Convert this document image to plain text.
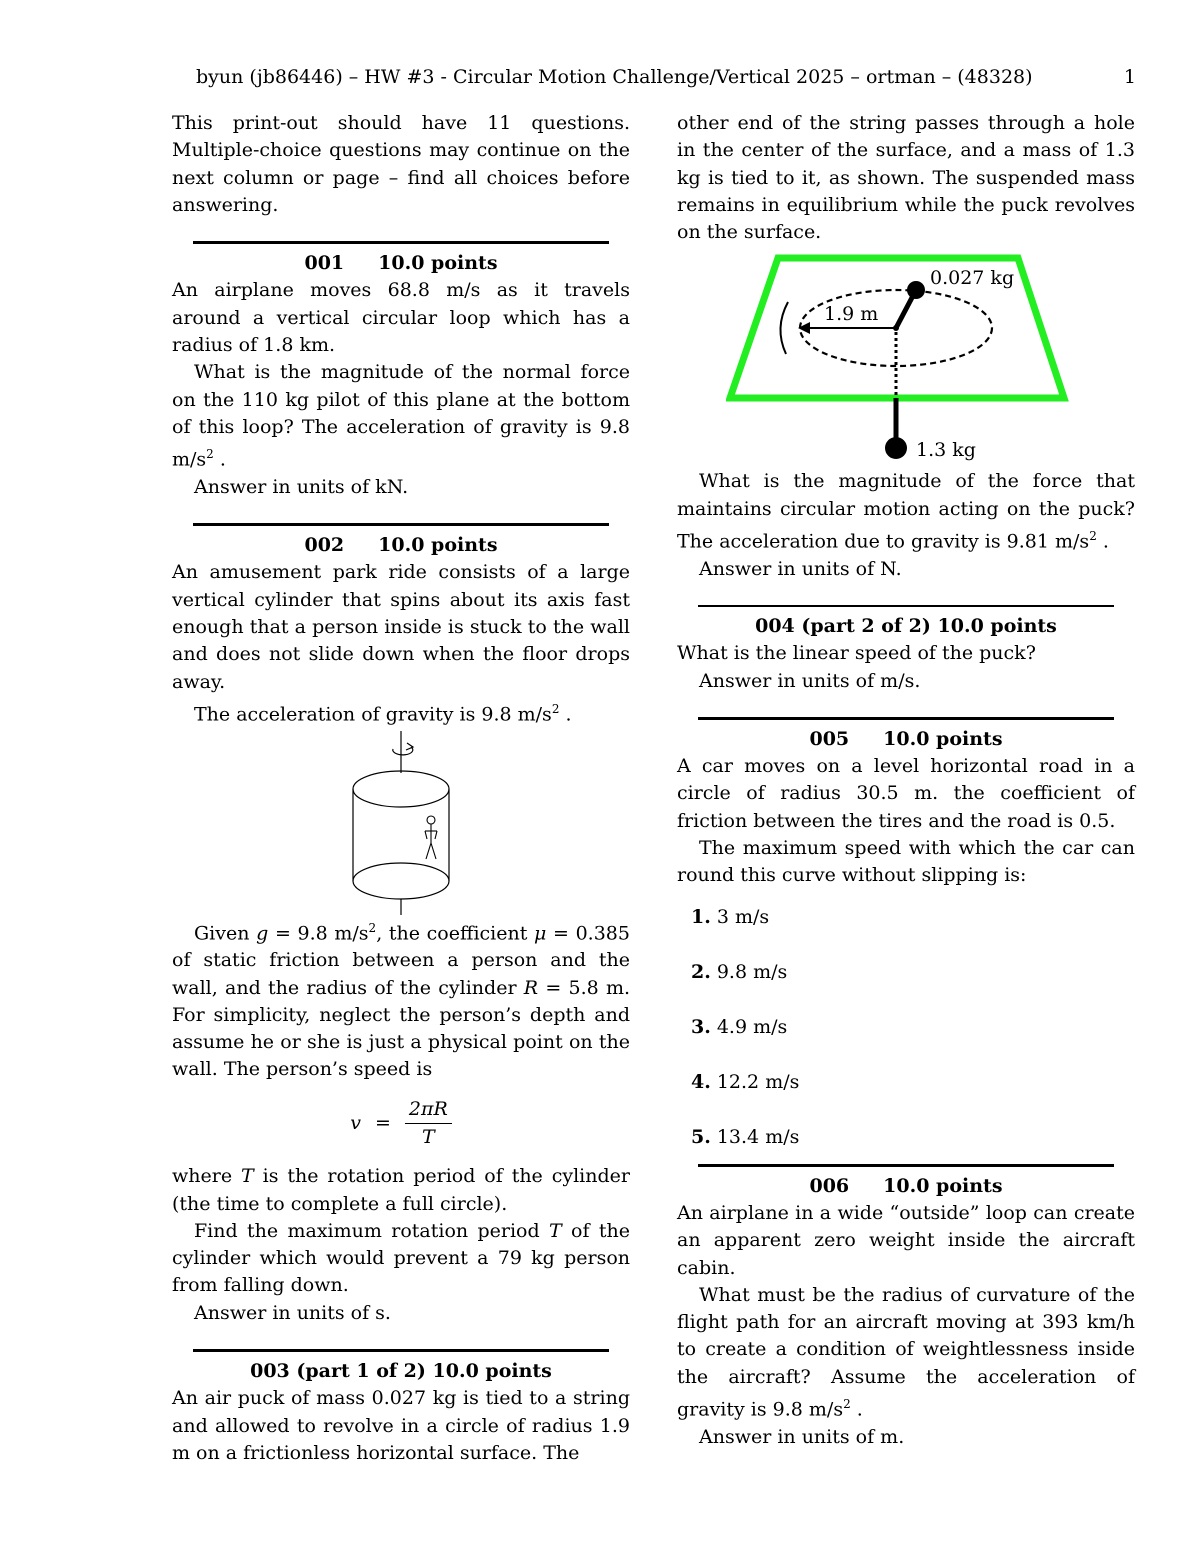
byun (jb86446) – HW #3 - Circular Motion Challenge/Vertical 2025 – ortman – (48328)	1

This print-out should have 11 questions. Multiple-choice questions may continue on the next column or page – find all choices before answering.

001 10.0 points

An airplane moves 68.8 m/s as it travels around a vertical circular loop which has a radius of 1.8 km.

What is the magnitude of the normal force on the 110 kg pilot of this plane at the bottom of this loop? The acceleration of gravity is 9.8 $m/s^2$ .

Answer in units of kN.

002 10.0 points

An amusement park ride consists of a large vertical cylinder that spins about its axis fast enough that a person inside is stuck to the wall and does not slide down when the floor drops away.

The acceleration of gravity is 9.8 $m/s^2$ .

Given g = 9.8 $m/s^2$, the coefficient μ = 0.385 of static friction between a person and the wall, and the radius of the cylinder R = 5.8 m. For simplicity, neglect the person’s depth and assume he or she is just a physical point on the wall. The person’s speed is

$v = \frac{2\pi R}{T}$

where T is the rotation period of the cylinder (the time to complete a full circle).

Find the maximum rotation period T of the cylinder which would prevent a 79 kg person from falling down.

Answer in units of s.

003 (part 1 of 2) 10.0 points

An air puck of mass 0.027 kg is tied to a string and allowed to revolve in a circle of radius 1.9 m on a frictionless horizontal surface. The

other end of the string passes through a hole in the center of the surface, and a mass of 1.3 kg is tied to it, as shown. The suspended mass remains in equilibrium while the puck revolves on the surface.

1.9 m
0.027 kg
1.3 kg

What is the magnitude of the force that maintains circular motion acting on the puck? The acceleration due to gravity is 9.81 $m/s^2$ .

Answer in units of N.

004 (part 2 of 2) 10.0 points

What is the linear speed of the puck?

Answer in units of m/s.

005 10.0 points

A car moves on a level horizontal road in a circle of radius 30.5 m. the coefficient of friction between the tires and the road is 0.5.

The maximum speed with which the car can round this curve without slipping is:

1. 3 m/s
2. 9.8 m/s
3. 4.9 m/s
4. 12.2 m/s
5. 13.4 m/s
006 10.0 points

An airplane in a wide “outside” loop can create an apparent zero weight inside the aircraft cabin.

What must be the radius of curvature of the flight path for an aircraft moving at 393 km/h to create a condition of weightlessness inside the aircraft? Assume the acceleration of gravity is 9.8 $m/s^2$ .

Answer in units of m.
